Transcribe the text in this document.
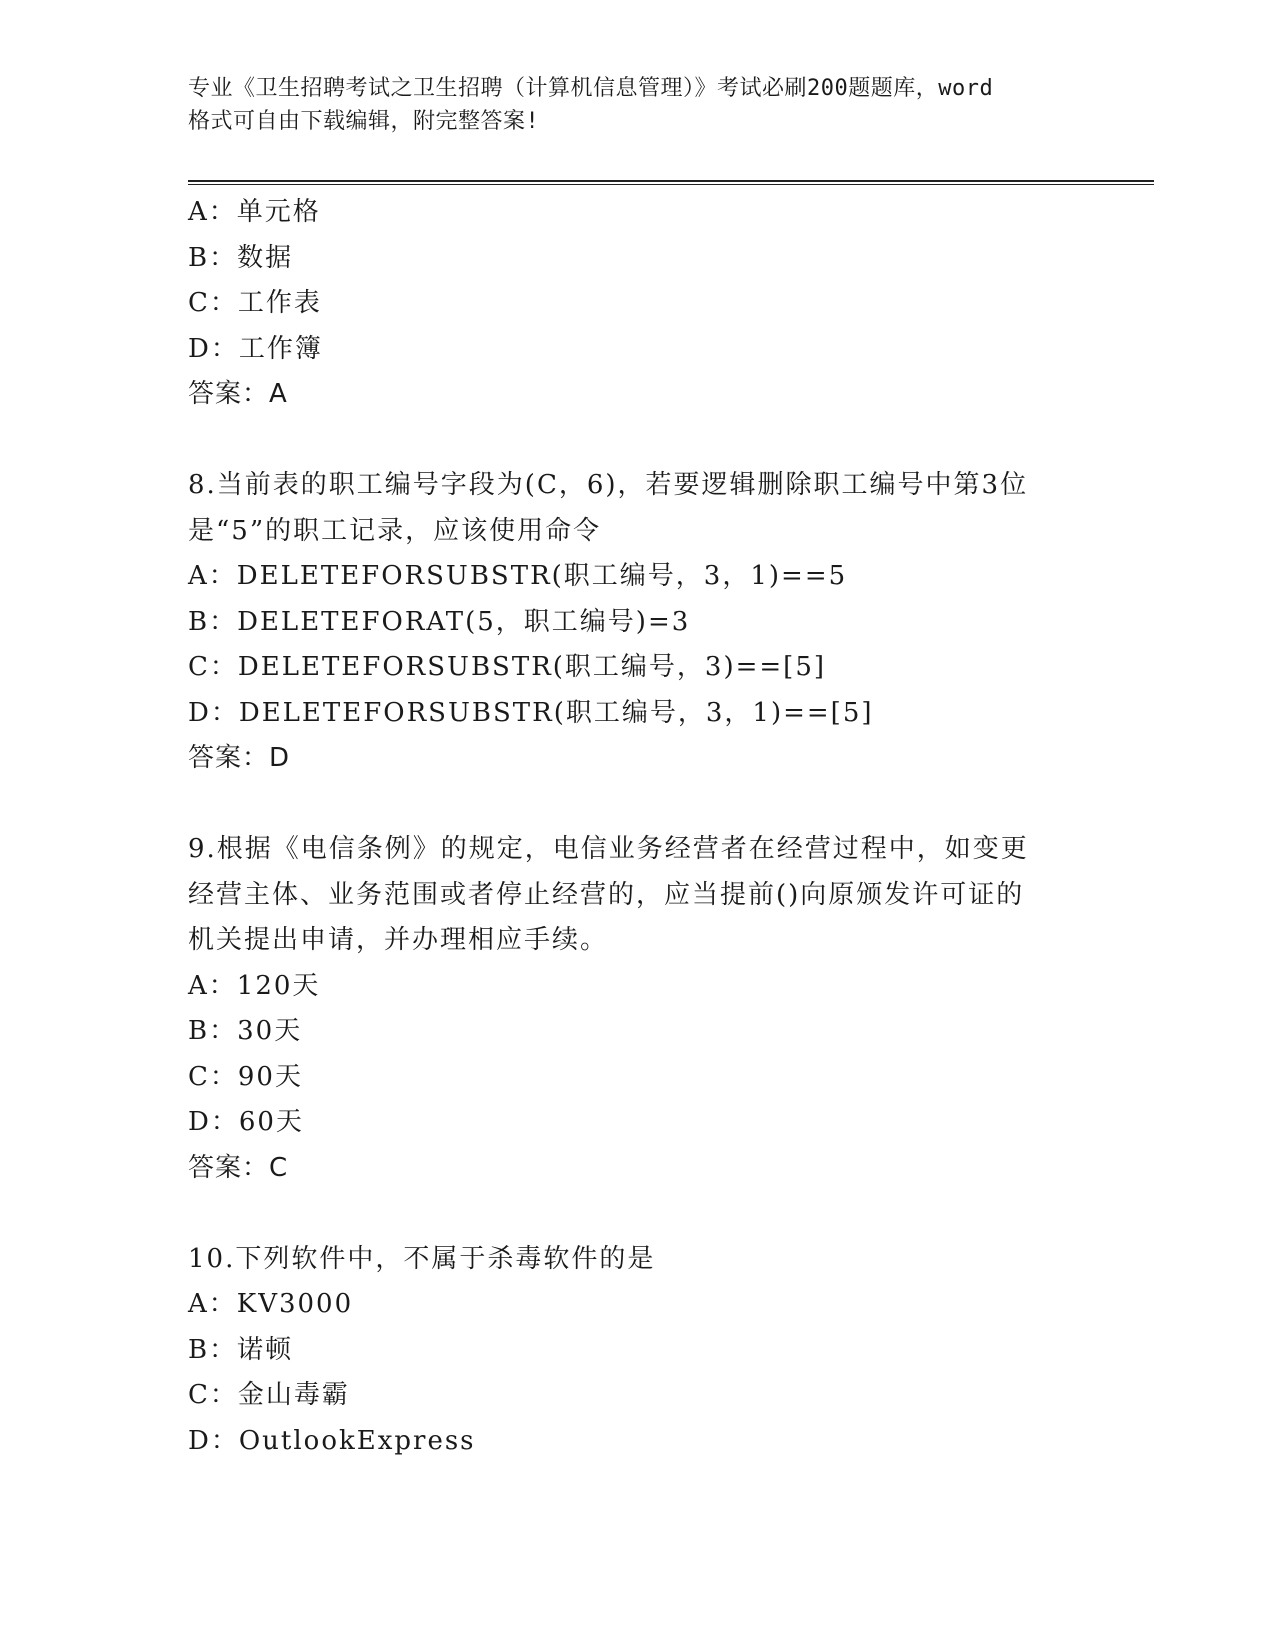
专业《卫生招聘考试之卫生招聘（计算机信息管理）》考试必刷200题题库，word
格式可自由下载编辑，附完整答案!
A：单元格
B：数据
C：工作表
D：工作簿
答案：A
8.当前表的职工编号字段为(C，6)，若要逻辑删除职工编号中第3位
是“5”的职工记录，应该使用命令
A：DELETEFORSUBSTR(职工编号，3，1)==5
B：DELETEFORAT(5，职工编号)=3
C：DELETEFORSUBSTR(职工编号，3)==[5]
D：DELETEFORSUBSTR(职工编号，3，1)==[5]
答案：D
9.根据《电信条例》的规定，电信业务经营者在经营过程中，如变更
经营主体、业务范围或者停止经营的，应当提前()向原颁发许可证的
机关提出申请，并办理相应手续。
A：120天
B：30天
C：90天
D：60天
答案：C
10.下列软件中，不属于杀毒软件的是
A：KV3000
B：诺顿
C：金山毒霸
D：OutlookExpress
